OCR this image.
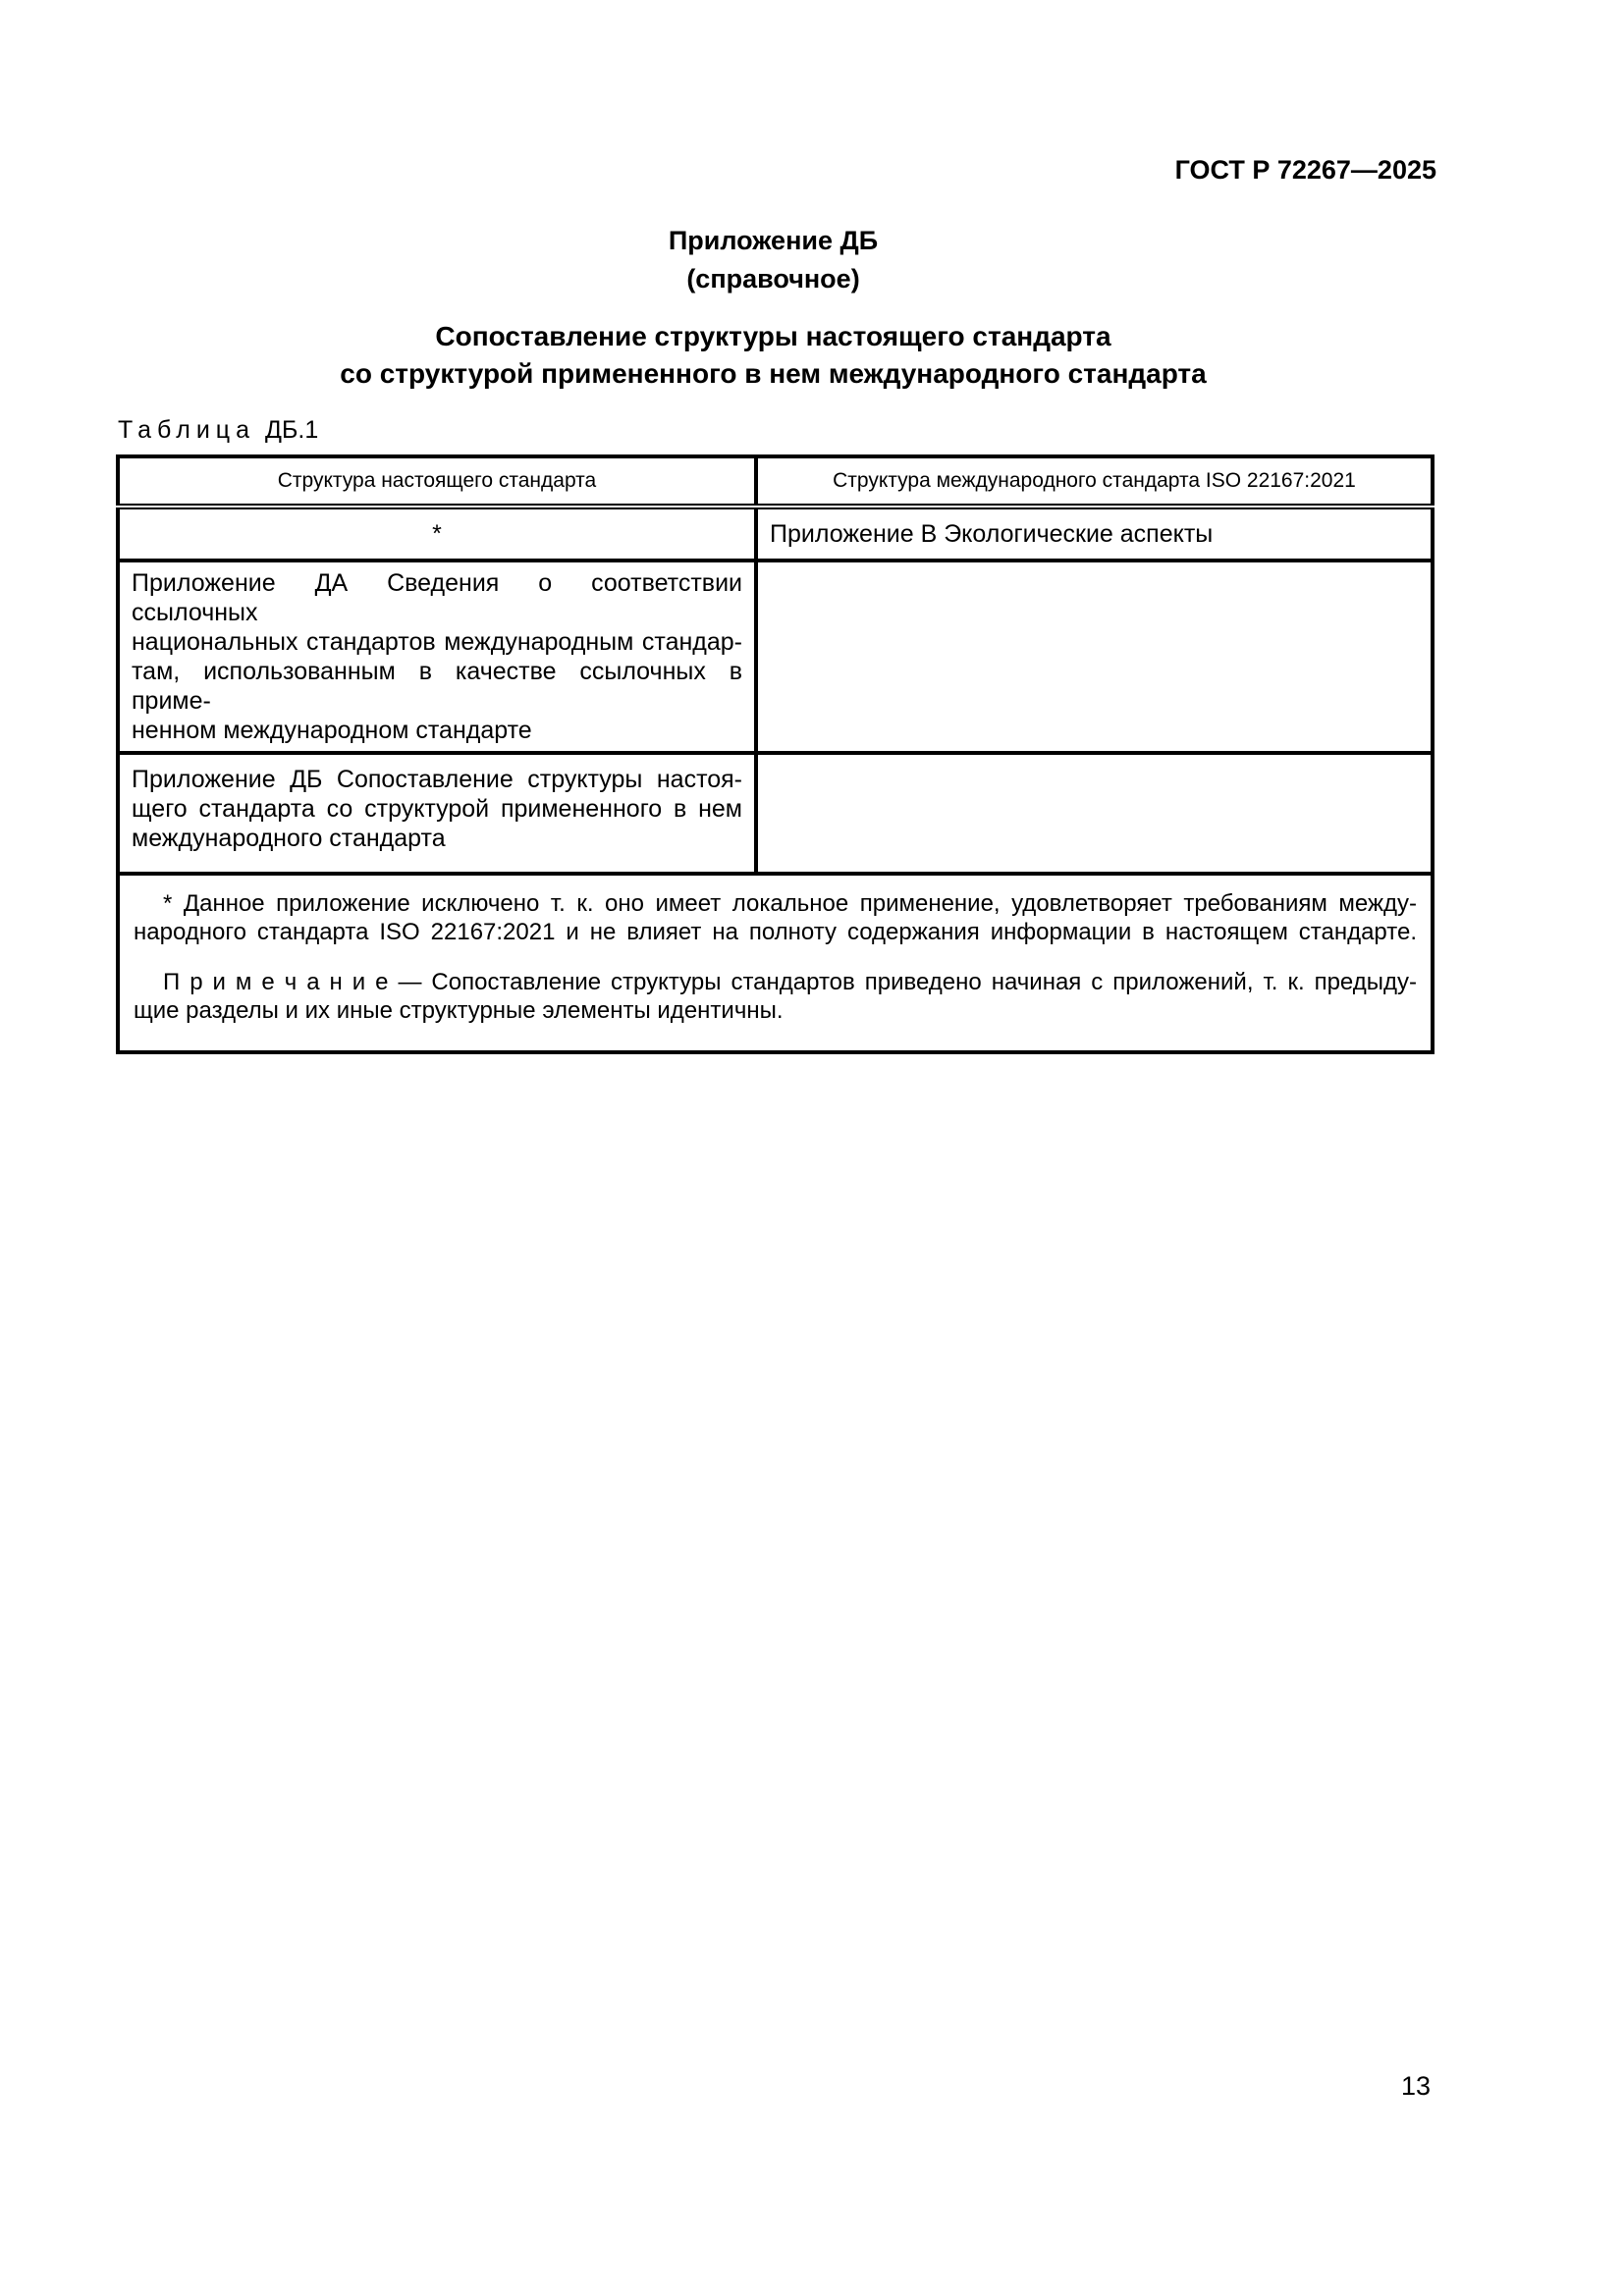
ГОСТ Р 72267—2025
Приложение ДБ
(справочное)
Сопоставление структуры настоящего стандарта
со структурой примененного в нем международного стандарта
Таблица ДБ.1
Структура настоящего стандарта	Структура международного стандарта ISO 22167:2021
*	Приложение В Экологические аспекты

Приложение ДА Сведения о соответствии ссылочных
национальных стандартов международным стандар-
там, использованным в качестве ссылочных в приме-
ненном международном стандарте	

Приложение ДБ Сопоставление структуры настоя-
щего стандарта со структурой примененного в нем
международного стандарта	

* Данное приложение исключено т. к. оно имеет локальное применение, удовлетворяет требованиям между-
народного стандарта ISO 22167:2021 и не влияет на полноту содержания информации в настоящем стандарте.
П р и м е ч а н и е — Сопоставление структуры стандартов приведено начиная с приложений, т. к. предыду-
щие разделы и их иные структурные элементы идентичны.	
13
